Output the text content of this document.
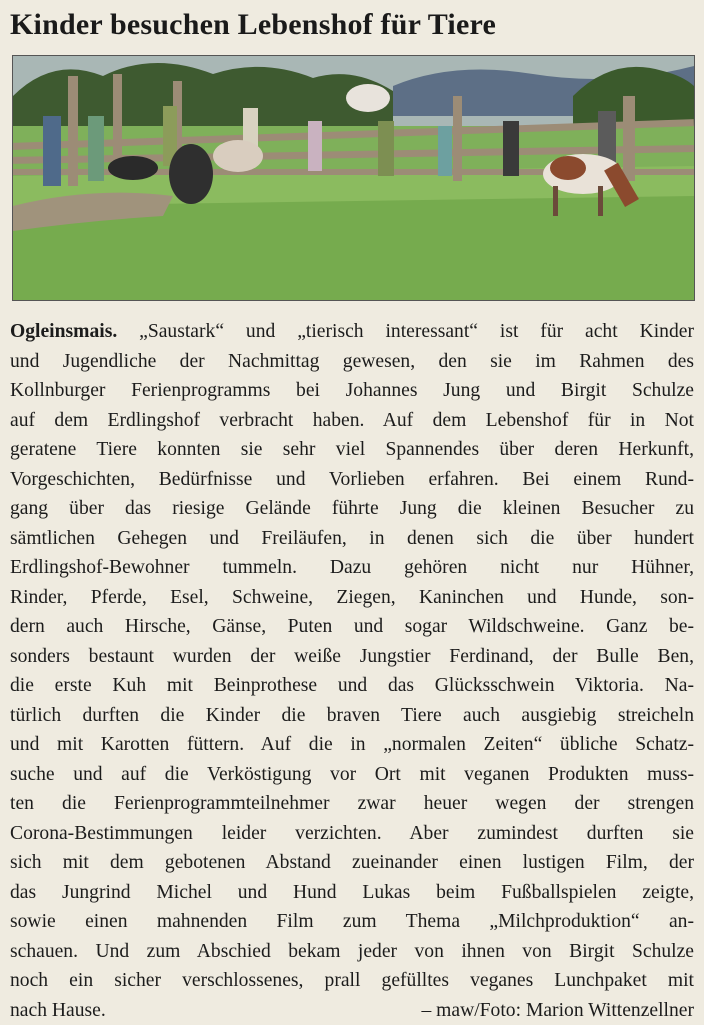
Kinder besuchen Lebenshof für Tiere
Ogleinsmais. „Saustark“ und „tierisch interessant“ ist für acht Kinder
und Jugendliche der Nachmittag gewesen, den sie im Rahmen des
Kollnburger Ferienprogramms bei Johannes Jung und Birgit Schulze
auf dem Erdlingshof verbracht haben. Auf dem Lebenshof für in Not
geratene Tiere konnten sie sehr viel Spannendes über deren Herkunft,
Vorgeschichten, Bedürfnisse und Vorlieben erfahren. Bei einem Rund-
gang über das riesige Gelände führte Jung die kleinen Besucher zu
sämtlichen Gehegen und Freiläufen, in denen sich die über hundert
Erdlingshof-Bewohner tummeln. Dazu gehören nicht nur Hühner,
Rinder, Pferde, Esel, Schweine, Ziegen, Kaninchen und Hunde, son-
dern auch Hirsche, Gänse, Puten und sogar Wildschweine. Ganz be-
sonders bestaunt wurden der weiße Jungstier Ferdinand, der Bulle Ben,
die erste Kuh mit Beinprothese und das Glücksschwein Viktoria. Na-
türlich durften die Kinder die braven Tiere auch ausgiebig streicheln
und mit Karotten füttern. Auf die in „normalen Zeiten“ übliche Schatz-
suche und auf die Verköstigung vor Ort mit veganen Produkten muss-
ten die Ferienprogrammteilnehmer zwar heuer wegen der strengen
Corona-Bestimmungen leider verzichten. Aber zumindest durften sie
sich mit dem gebotenen Abstand zueinander einen lustigen Film, der
das Jungrind Michel und Hund Lukas beim Fußballspielen zeigte,
sowie einen mahnenden Film zum Thema „Milchproduktion“ an-
schauen. Und zum Abschied bekam jeder von ihnen von Birgit Schulze
noch ein sicher verschlossenes, prall gefülltes veganes Lunchpaket mit
nach Hause.	– maw/Foto: Marion Wittenzellner
